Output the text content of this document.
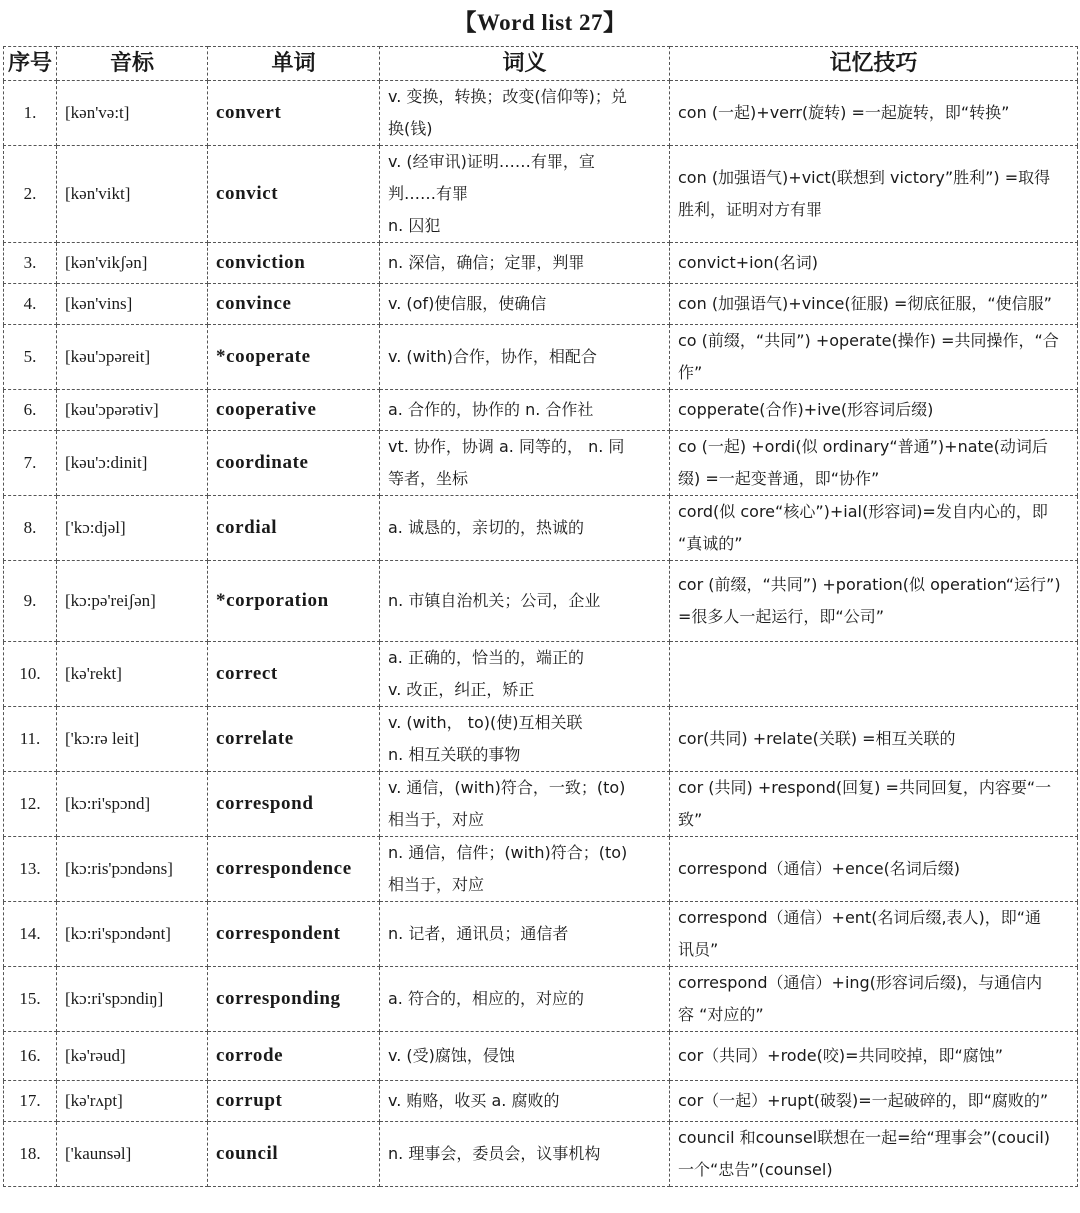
【Word list 27】
序号	音标	单词	词义	记忆技巧
1.	[kən'və:t]	convert	v. 变换，转换；改变(信仰等)；兑
换(钱)	con (一起)+verr(旋转) =一起旋转，即“转换”

2.	[kən'vikt]	convict	v. (经审讯)证明……有罪，宣
判……有罪
n. 囚犯	con (加强语气)+vict(联想到 victory”胜利”) =取得
胜利，证明对方有罪

3.	[kən'vikʃən]	conviction	n. 深信，确信；定罪，判罪	convict+ion(名词)

4.	[kən'vins]	convince	v. (of)使信服，使确信	con (加强语气)+vince(征服) =彻底征服，“使信服”

5.	[kəu'ɔpəreit]	*cooperate	v. (with)合作，协作，相配合	co (前缀，“共同”) +operate(操作) =共同操作，“合
作”

6.	[kəu'ɔpərətiv]	cooperative	a. 合作的，协作的 n. 合作社	copperate(合作)+ive(形容词后缀)

7.	[kəu'ɔ:dinit]	coordinate	vt. 协作，协调 a. 同等的， n. 同
等者，坐标	co (一起) +ordi(似 ordinary“普通”)+nate(动词后
缀) =一起变普通，即“协作”

8.	['kɔ:djəl]	cordial	a. 诚恳的，亲切的，热诚的	cord(似 core“核心”)+ial(形容词)=发自内心的，即
“真诚的”

9.	[kɔ:pə'reiʃən]	*corporation	n. 市镇自治机关；公司，企业	cor (前缀，“共同”) +poration(似 operation“运行”)
=很多人一起运行，即“公司”

10.	[kə'rekt]	correct	a. 正确的，恰当的，端正的
v. 改正，纠正，矫正	

11.	['kɔ:rə leit]	correlate	v. (with， to)(使)互相关联
n. 相互关联的事物	cor(共同) +relate(关联) =相互关联的

12.	[kɔ:ri'spɔnd]	correspond	v. 通信，(with)符合，一致；(to)
相当于，对应	cor (共同) +respond(回复) =共同回复，内容要“一
致”

13.	[kɔ:ris'pɔndəns]	correspondence	n. 通信，信件；(with)符合；(to)
相当于，对应	correspond（通信）+ence(名词后缀)

14.	[kɔ:ri'spɔndənt]	correspondent	n. 记者，通讯员；通信者	correspond（通信）+ent(名词后缀,表人)，即“通
讯员”

15.	[kɔ:ri'spɔndiŋ]	corresponding	a. 符合的，相应的，对应的	correspond（通信）+ing(形容词后缀)，与通信内
容 “对应的”

16.	[kə'rəud]	corrode	v. (受)腐蚀，侵蚀	cor（共同）+rode(咬)=共同咬掉，即“腐蚀”

17.	[kə'rʌpt]	corrupt	v. 贿赂，收买 a. 腐败的	cor（一起）+rupt(破裂)=一起破碎的，即“腐败的”

18.	['kaunsəl]	council	n. 理事会，委员会，议事机构	council 和counsel联想在一起=给“理事会”(coucil)
一个“忠告”(counsel)
